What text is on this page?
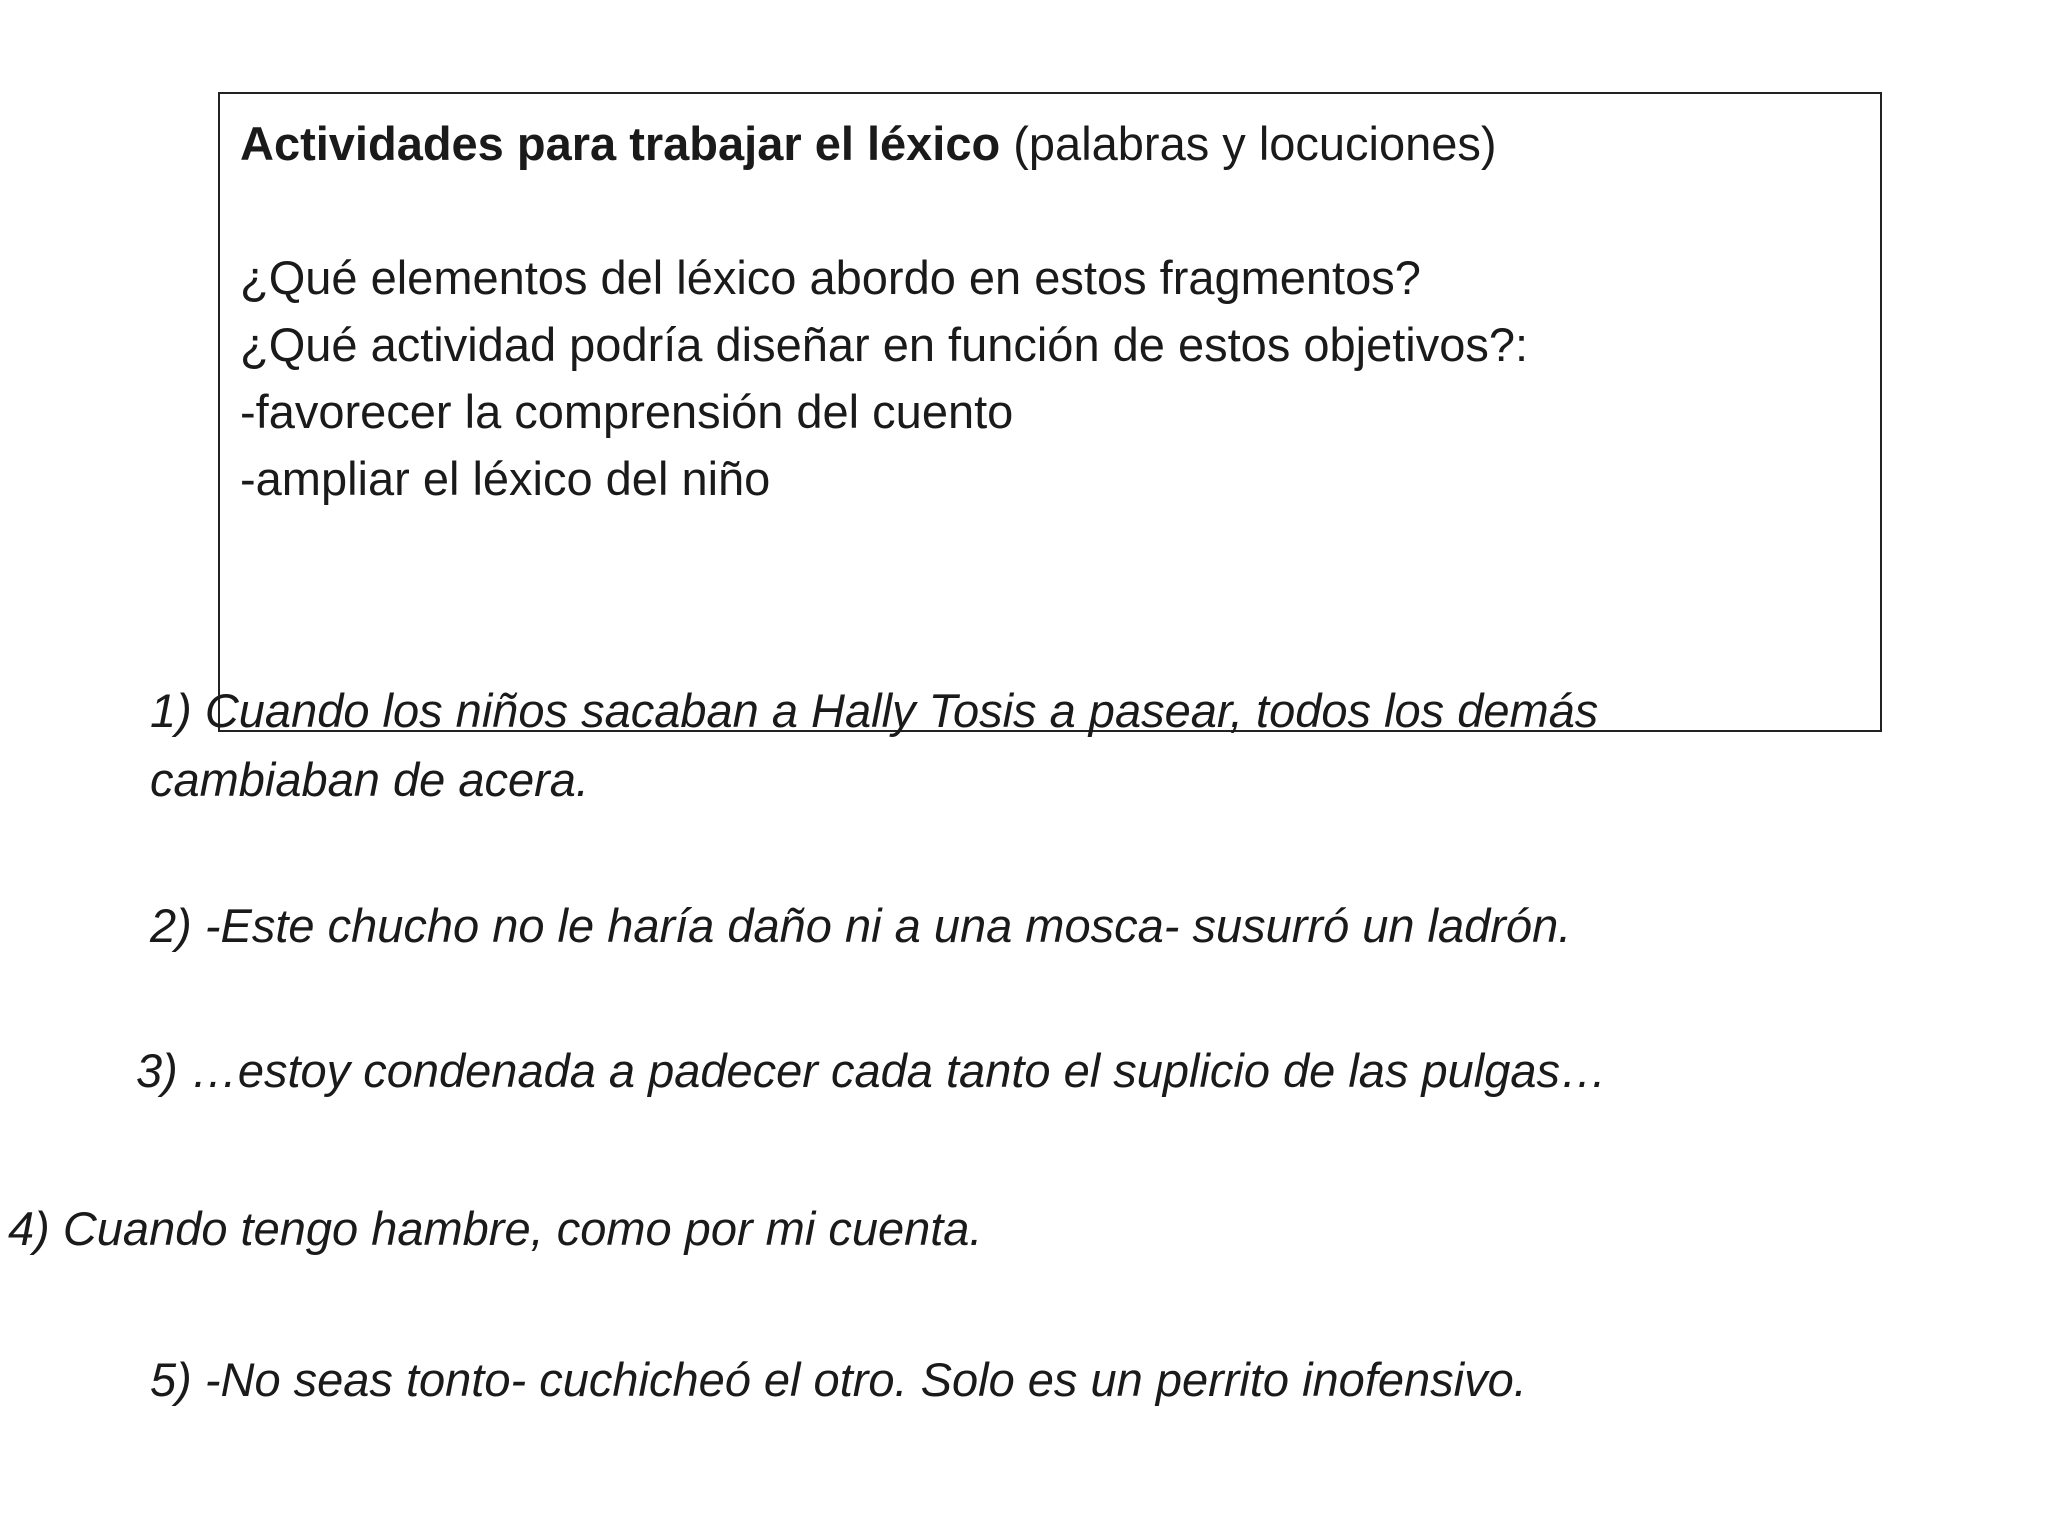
Actividades para trabajar el léxico (palabras y locuciones)

¿Qué elementos del léxico abordo en estos fragmentos?

¿Qué actividad podría diseñar en función de estos objetivos?:

-favorecer la comprensión del cuento

-ampliar el léxico del niño

1) Cuando los niños sacaban a Hally Tosis a pasear, todos los demás
cambiaban de acera.
2) -Este chucho no le haría daño ni a una mosca- susurró un ladrón.
3) …estoy condenada a padecer cada tanto el suplicio de las pulgas…
4) Cuando tengo hambre, como por mi cuenta.
5) -No seas tonto- cuchicheó el otro. Solo es un perrito inofensivo.
